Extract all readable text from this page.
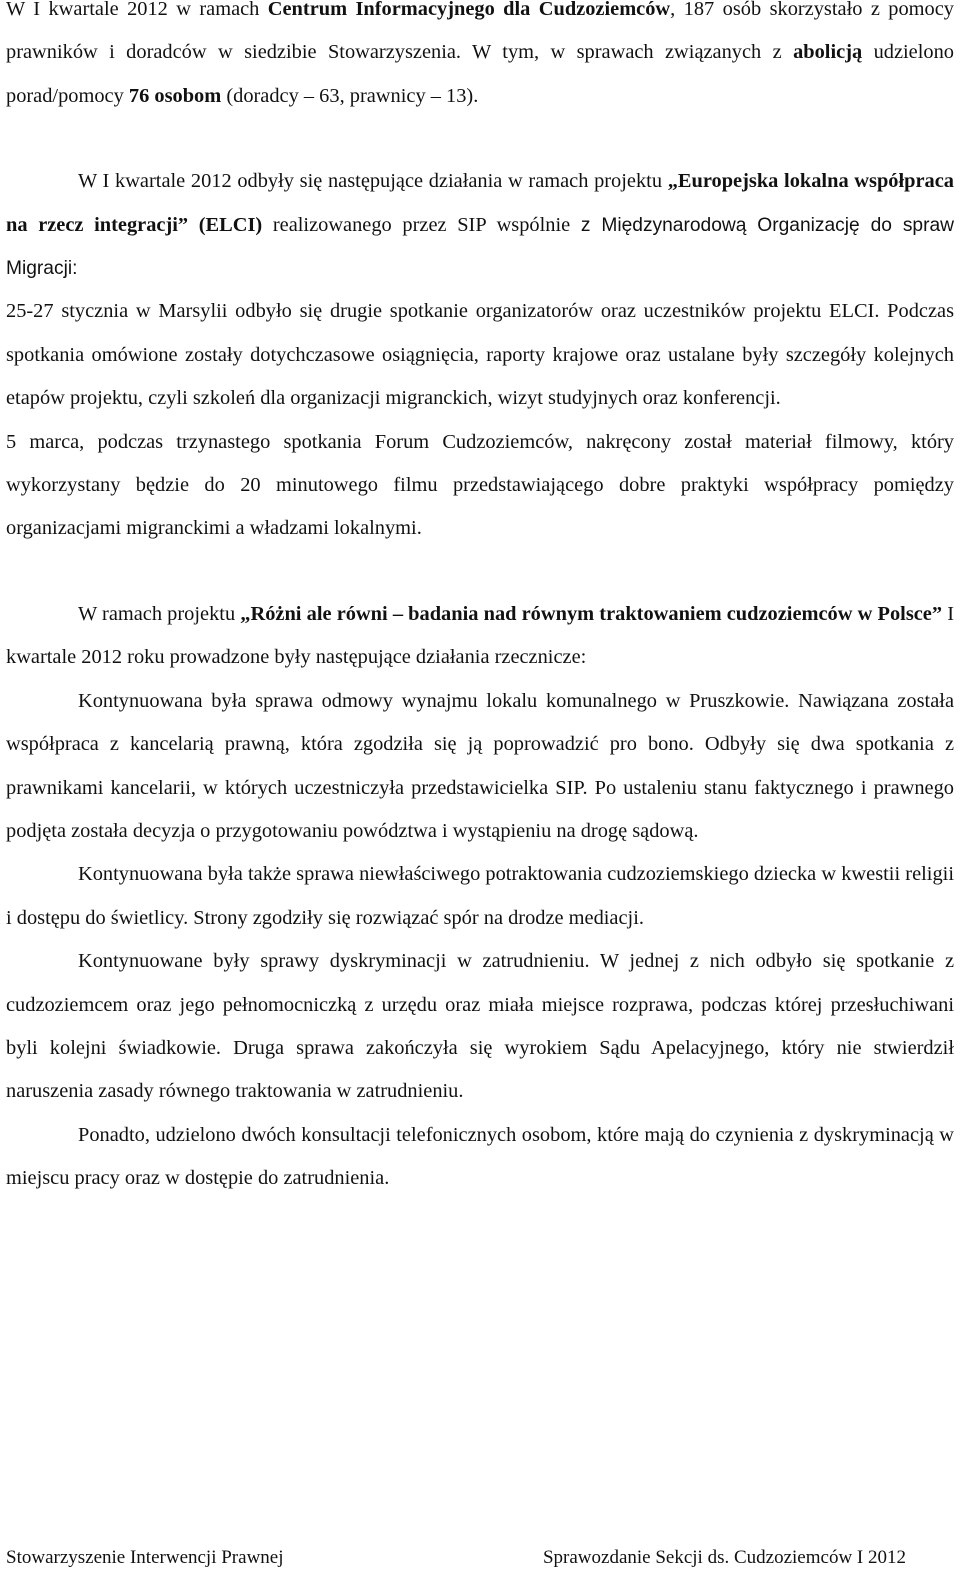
W I kwartale 2012 w ramach Centrum Informacyjnego dla Cudzoziemców, 187 osób skorzystało z pomocy prawników i doradców w siedzibie Stowarzyszenia. W tym, w sprawach związanych z abolicją udzielono porad/pomocy 76 osobom (doradcy – 63, prawnicy – 13).

W I kwartale 2012 odbyły się następujące działania w ramach projektu „Europejska lokalna współpraca na rzecz integracji” (ELCI) realizowanego przez SIP wspólnie z Międzynarodową Organizację do spraw Migracji:

25-27 stycznia w Marsylii odbyło się drugie spotkanie organizatorów oraz uczestników projektu ELCI. Podczas spotkania omówione zostały dotychczasowe osiągnięcia, raporty krajowe oraz ustalane były szczegóły kolejnych etapów projektu, czyli szkoleń dla organizacji migranckich, wizyt studyjnych oraz konferencji.

5 marca, podczas trzynastego spotkania Forum Cudzoziemców, nakręcony został materiał filmowy, który wykorzystany będzie do 20 minutowego filmu przedstawiającego dobre praktyki współpracy pomiędzy organizacjami migranckimi a władzami lokalnymi.

W ramach projektu „Różni ale równi – badania nad równym traktowaniem cudzoziemców w Polsce” I kwartale 2012 roku prowadzone były następujące działania rzecznicze:

Kontynuowana była sprawa odmowy wynajmu lokalu komunalnego w Pruszkowie. Nawiązana została współpraca z kancelarią prawną, która zgodziła się ją poprowadzić pro bono. Odbyły się dwa spotkania z prawnikami kancelarii, w których uczestniczyła przedstawicielka SIP. Po ustaleniu stanu faktycznego i prawnego podjęta została decyzja o przygotowaniu powództwa i wystąpieniu na drogę sądową.

Kontynuowana była także sprawa niewłaściwego potraktowania cudzoziemskiego dziecka w kwestii religii i dostępu do świetlicy. Strony zgodziły się rozwiązać spór na drodze mediacji.

Kontynuowane były sprawy dyskryminacji w zatrudnieniu. W jednej z nich odbyło się spotkanie z cudzoziemcem oraz jego pełnomocniczką z urzędu oraz miała miejsce rozprawa, podczas której przesłuchiwani byli kolejni świadkowie. Druga sprawa zakończyła się wyrokiem Sądu Apelacyjnego, który nie stwierdził naruszenia zasady równego traktowania w zatrudnieniu.

Ponadto, udzielono dwóch konsultacji telefonicznych osobom, które mają do czynienia z dyskryminacją w miejscu pracy oraz w dostępie do zatrudnienia.

Stowarzyszenie Interwencji Prawnej	Sprawozdanie Sekcji ds. Cudzoziemców I 2012
